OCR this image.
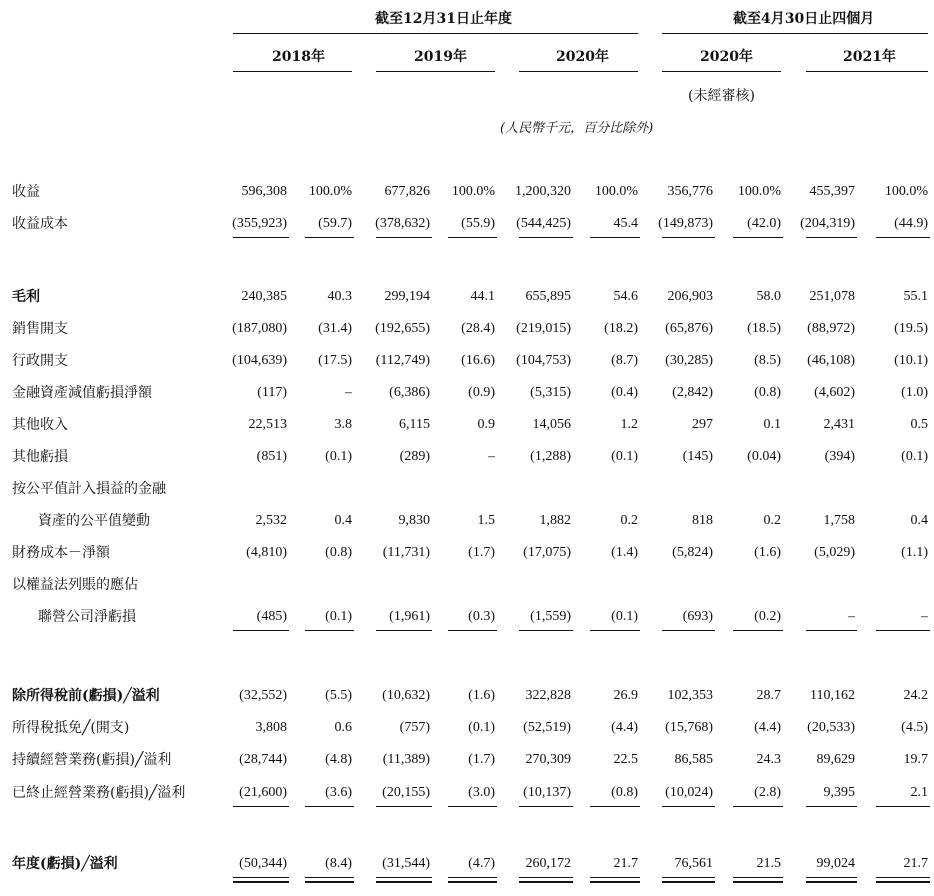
截至12月31日止年度	截至4月30日止四個月
2018年	2019年	2020年	2020年	2021年
(未經審核)
(人民幣千元，百分比除外)
收益	596,308	100.0%	677,826	100.0%	1,200,320	100.0%	356,776	100.0%	455,397	100.0%
收益成本	(355,923)	(59.7)	(378,632)	(55.9)	(544,425)	45.4	(149,873)	(42.0)	(204,319)	(44.9)
毛利	240,385	40.3	299,194	44.1	655,895	54.6	206,903	58.0	251,078	55.1
銷售開支	(187,080)	(31.4)	(192,655)	(28.4)	(219,015)	(18.2)	(65,876)	(18.5)	(88,972)	(19.5)
行政開支	(104,639)	(17.5)	(112,749)	(16.6)	(104,753)	(8.7)	(30,285)	(8.5)	(46,108)	(10.1)
金融資產減值虧損淨額	(117)	–	(6,386)	(0.9)	(5,315)	(0.4)	(2,842)	(0.8)	(4,602)	(1.0)
其他收入	22,513	3.8	6,115	0.9	14,056	1.2	297	0.1	2,431	0.5
其他虧損	(851)	(0.1)	(289)	–	(1,288)	(0.1)	(145)	(0.04)	(394)	(0.1)
按公平值計入損益的金融
資產的公平值變動	2,532	0.4	9,830	1.5	1,882	0.2	818	0.2	1,758	0.4
財務成本－淨額	(4,810)	(0.8)	(11,731)	(1.7)	(17,075)	(1.4)	(5,824)	(1.6)	(5,029)	(1.1)
以權益法列賬的應佔
聯營公司淨虧損	(485)	(0.1)	(1,961)	(0.3)	(1,559)	(0.1)	(693)	(0.2)	–	–
除所得稅前(虧損)╱溢利	(32,552)	(5.5)	(10,632)	(1.6)	322,828	26.9	102,353	28.7	110,162	24.2
所得稅抵免╱(開支)	3,808	0.6	(757)	(0.1)	(52,519)	(4.4)	(15,768)	(4.4)	(20,533)	(4.5)
持續經營業務(虧損)╱溢利	(28,744)	(4.8)	(11,389)	(1.7)	270,309	22.5	86,585	24.3	89,629	19.7
已終止經營業務(虧損)╱溢利	(21,600)	(3.6)	(20,155)	(3.0)	(10,137)	(0.8)	(10,024)	(2.8)	9,395	2.1
年度(虧損)╱溢利	(50,344)	(8.4)	(31,544)	(4.7)	260,172	21.7	76,561	21.5	99,024	21.7
